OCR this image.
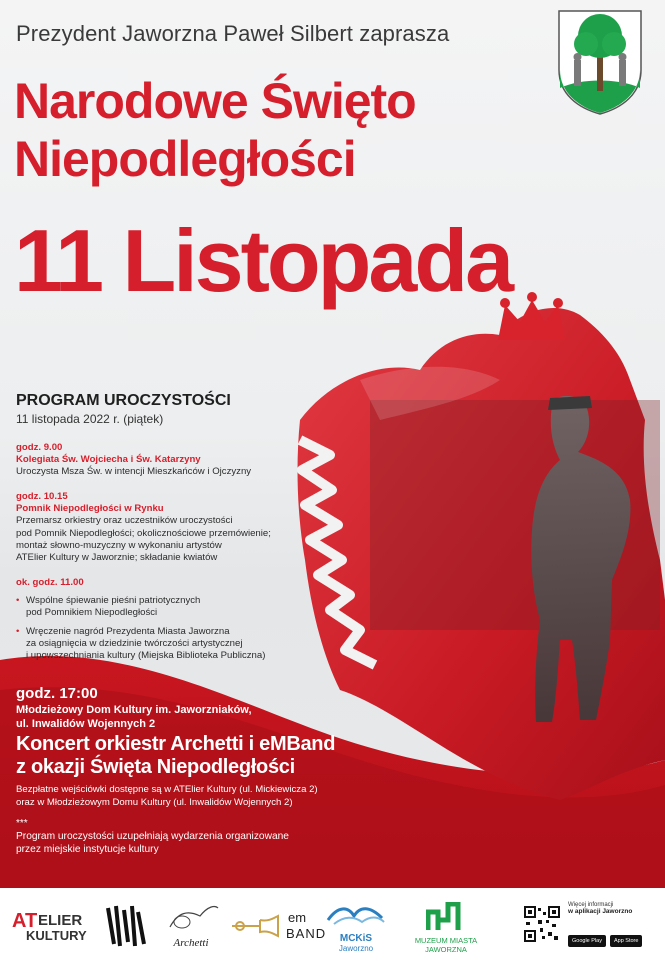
Prezydent Jaworzna Paweł Silbert zaprasza
Narodowe Święto
Niepodległości
11 Listopada
PROGRAM UROCZYSTOŚCI
11 listopada 2022 r. (piątek)
godz. 9.00
Kolegiata Św. Wojciecha i Św. Katarzyny
Uroczysta Msza Św. w intencji Mieszkańców i Ojczyzny
godz. 10.15
Pomnik Niepodległości w Rynku
Przemarsz orkiestry oraz uczestników uroczystości
pod Pomnik Niepodległości; okolicznościowe przemówienie;
montaż słowno-muzyczny w wykonaniu artystów
ATElier Kultury w Jaworznie; składanie kwiatów
ok. godz. 11.00
• Wspólne śpiewanie pieśni patriotycznych
pod Pomnikiem Niepodległości
• Wręczenie nagród Prezydenta Miasta Jaworzna
za osiągnięcia w dziedzinie twórczości artystycznej
i upowszechniania kultury (Miejska Biblioteka Publiczna)
godz. 17:00
Młodzieżowy Dom Kultury im. Jaworzniaków,
ul. Inwalidów Wojennych 2
Koncert orkiestr Archetti i eMBand
z okazji Święta Niepodległości
Bezpłatne wejściówki dostępne są w ATElier Kultury (ul. Mickiewicza 2)
oraz w Młodzieżowym Domu Kultury (ul. Inwalidów Wojennych 2)
***
Program uroczystości uzupełniają wydarzenia organizowane
przez miejskie instytucje kultury
AT ELIER
KULTURY	Archetti
em
BAND	MCKiS
Jaworzno
MUZEUM MIASTA JAWORZNA
Więcej informacji
w aplikacji Jaworzno
Google Play	App Store
